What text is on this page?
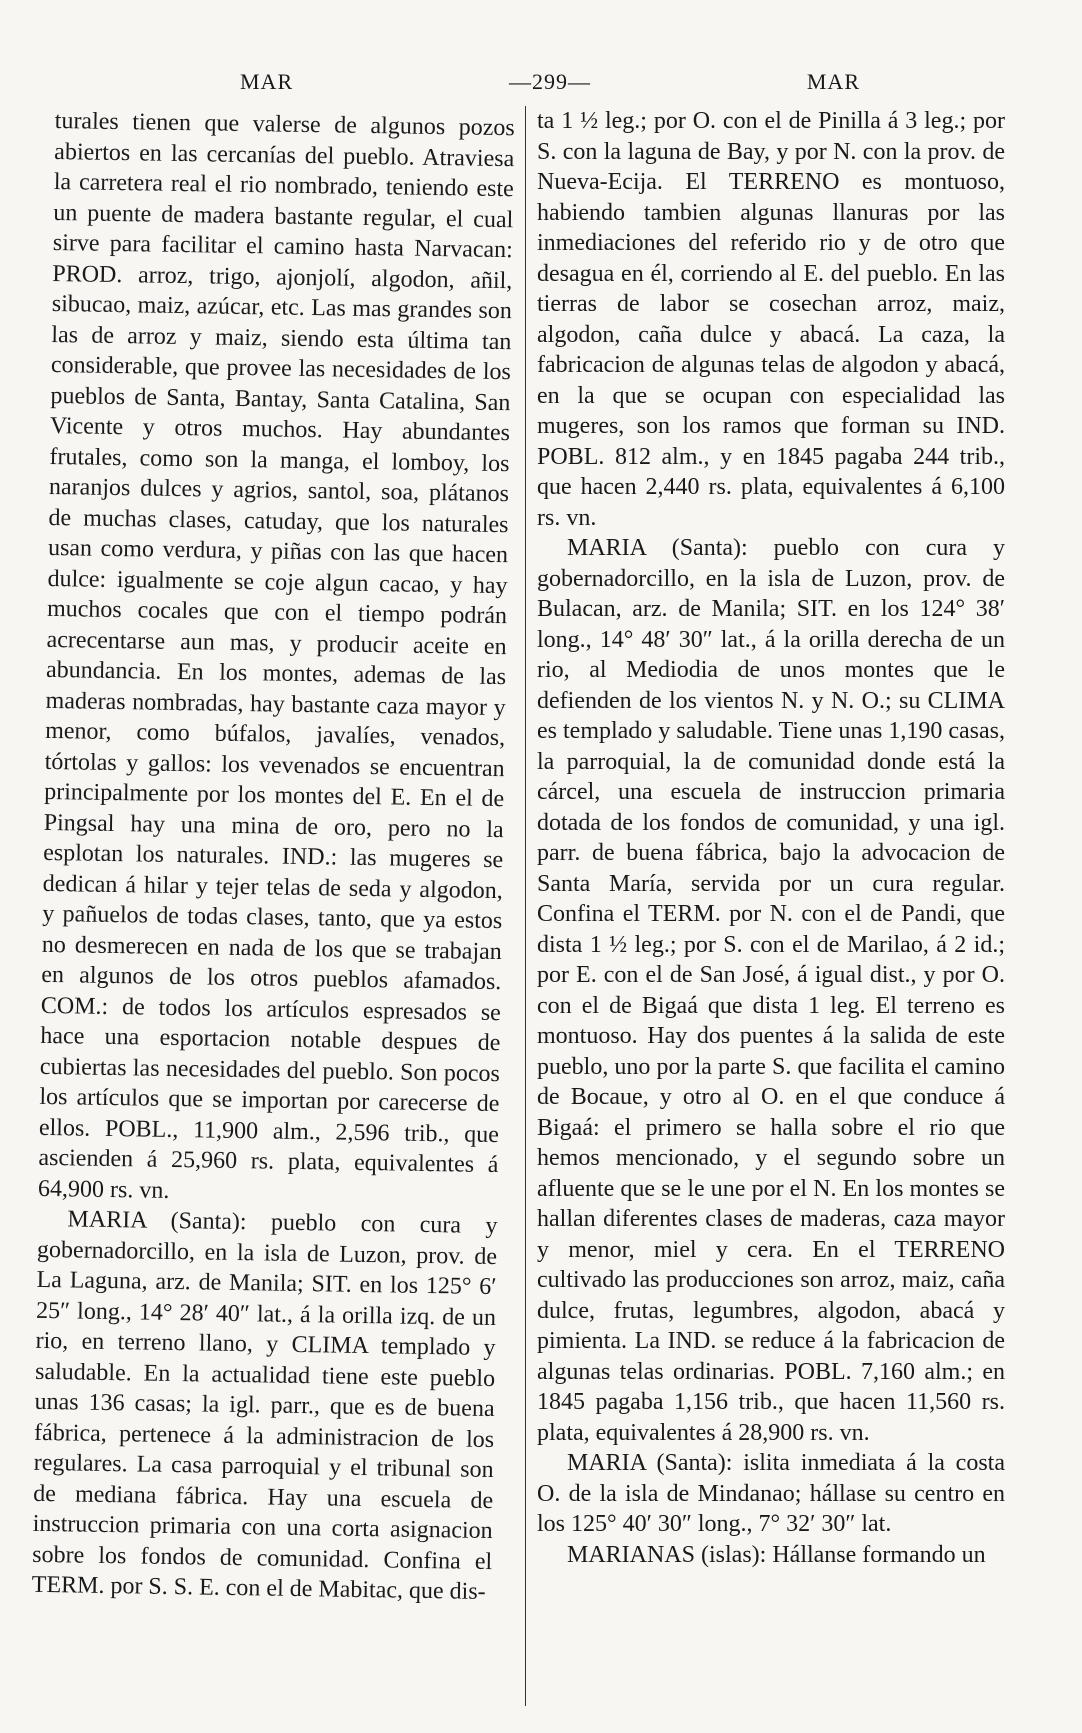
MAR	—299—	MAR

turales tienen que valerse de algunos pozos abiertos en las cercanías del pueblo. Atraviesa la carretera real el rio nombrado, teniendo este un puente de madera bastante regular, el cual sirve para facilitar el camino hasta Narvacan: PROD. arroz, trigo, ajonjolí, algodon, añil, sibucao, maiz, azúcar, etc. Las mas grandes son las de arroz y maiz, siendo esta última tan considerable, que provee las necesidades de los pueblos de Santa, Bantay, Santa Catalina, San Vicente y otros muchos. Hay abundantes frutales, como son la manga, el lomboy, los naranjos dulces y agrios, santol, soa, plátanos de muchas clases, catuday, que los naturales usan como verdura, y piñas con las que hacen dulce: igualmente se coje algun cacao, y hay muchos cocales que con el tiempo podrán acrecentarse aun mas, y producir aceite en abundancia. En los montes, ademas de las maderas nombradas, hay bastante caza mayor y menor, como búfalos, javalíes, venados, tórtolas y gallos: los vevenados se encuentran principalmente por los montes del E. En el de Pingsal hay una mina de oro, pero no la esplotan los naturales. IND.: las mugeres se dedican á hilar y tejer telas de seda y algodon, y pañuelos de todas clases, tanto, que ya estos no desmerecen en nada de los que se trabajan en algunos de los otros pueblos afamados. COM.: de todos los artículos espresados se hace una esportacion notable despues de cubiertas las necesidades del pueblo. Son pocos los artículos que se importan por carecerse de ellos. POBL., 11,900 alm., 2,596 trib., que ascienden á 25,960 rs. plata, equivalentes á 64,900 rs. vn.

MARIA (Santa): pueblo con cura y gobernadorcillo, en la isla de Luzon, prov. de La Laguna, arz. de Manila; SIT. en los 125° 6′ 25″ long., 14° 28′ 40″ lat., á la orilla izq. de un rio, en terreno llano, y CLIMA templado y saludable. En la actualidad tiene este pueblo unas 136 casas; la igl. parr., que es de buena fábrica, pertenece á la administracion de los regulares. La casa parroquial y el tribunal son de mediana fábrica. Hay una escuela de instruccion primaria con una corta asignacion sobre los fondos de comunidad. Confina el TERM. por S. S. E. con el de Mabitac, que dis-

ta 1 ½ leg.; por O. con el de Pinilla á 3 leg.; por S. con la laguna de Bay, y por N. con la prov. de Nueva-Ecija. El TERRENO es montuoso, habiendo tambien algunas llanuras por las inmediaciones del referido rio y de otro que desagua en él, corriendo al E. del pueblo. En las tierras de labor se cosechan arroz, maiz, algodon, caña dulce y abacá. La caza, la fabricacion de algunas telas de algodon y abacá, en la que se ocupan con especialidad las mugeres, son los ramos que forman su IND. POBL. 812 alm., y en 1845 pagaba 244 trib., que hacen 2,440 rs. plata, equivalentes á 6,100 rs. vn.

MARIA (Santa): pueblo con cura y gobernadorcillo, en la isla de Luzon, prov. de Bulacan, arz. de Manila; SIT. en los 124° 38′ long., 14° 48′ 30″ lat., á la orilla derecha de un rio, al Mediodia de unos montes que le defienden de los vientos N. y N. O.; su CLIMA es templado y saludable. Tiene unas 1,190 casas, la parroquial, la de comunidad donde está la cárcel, una escuela de instruccion primaria dotada de los fondos de comunidad, y una igl. parr. de buena fábrica, bajo la advocacion de Santa María, servida por un cura regular. Confina el TERM. por N. con el de Pandi, que dista 1 ½ leg.; por S. con el de Marilao, á 2 id.; por E. con el de San José, á igual dist., y por O. con el de Bigaá que dista 1 leg. El terreno es montuoso. Hay dos puentes á la salida de este pueblo, uno por la parte S. que facilita el camino de Bocaue, y otro al O. en el que conduce á Bigaá: el primero se halla sobre el rio que hemos mencionado, y el segundo sobre un afluente que se le une por el N. En los montes se hallan diferentes clases de maderas, caza mayor y menor, miel y cera. En el TERRENO cultivado las producciones son arroz, maiz, caña dulce, frutas, legumbres, algodon, abacá y pimienta. La IND. se reduce á la fabricacion de algunas telas ordinarias. POBL. 7,160 alm.; en 1845 pagaba 1,156 trib., que hacen 11,560 rs. plata, equivalentes á 28,900 rs. vn.

MARIA (Santa): islita inmediata á la costa O. de la isla de Mindanao; hállase su centro en los 125° 40′ 30″ long., 7° 32′ 30″ lat.

MARIANAS (islas): Hállanse formando un
